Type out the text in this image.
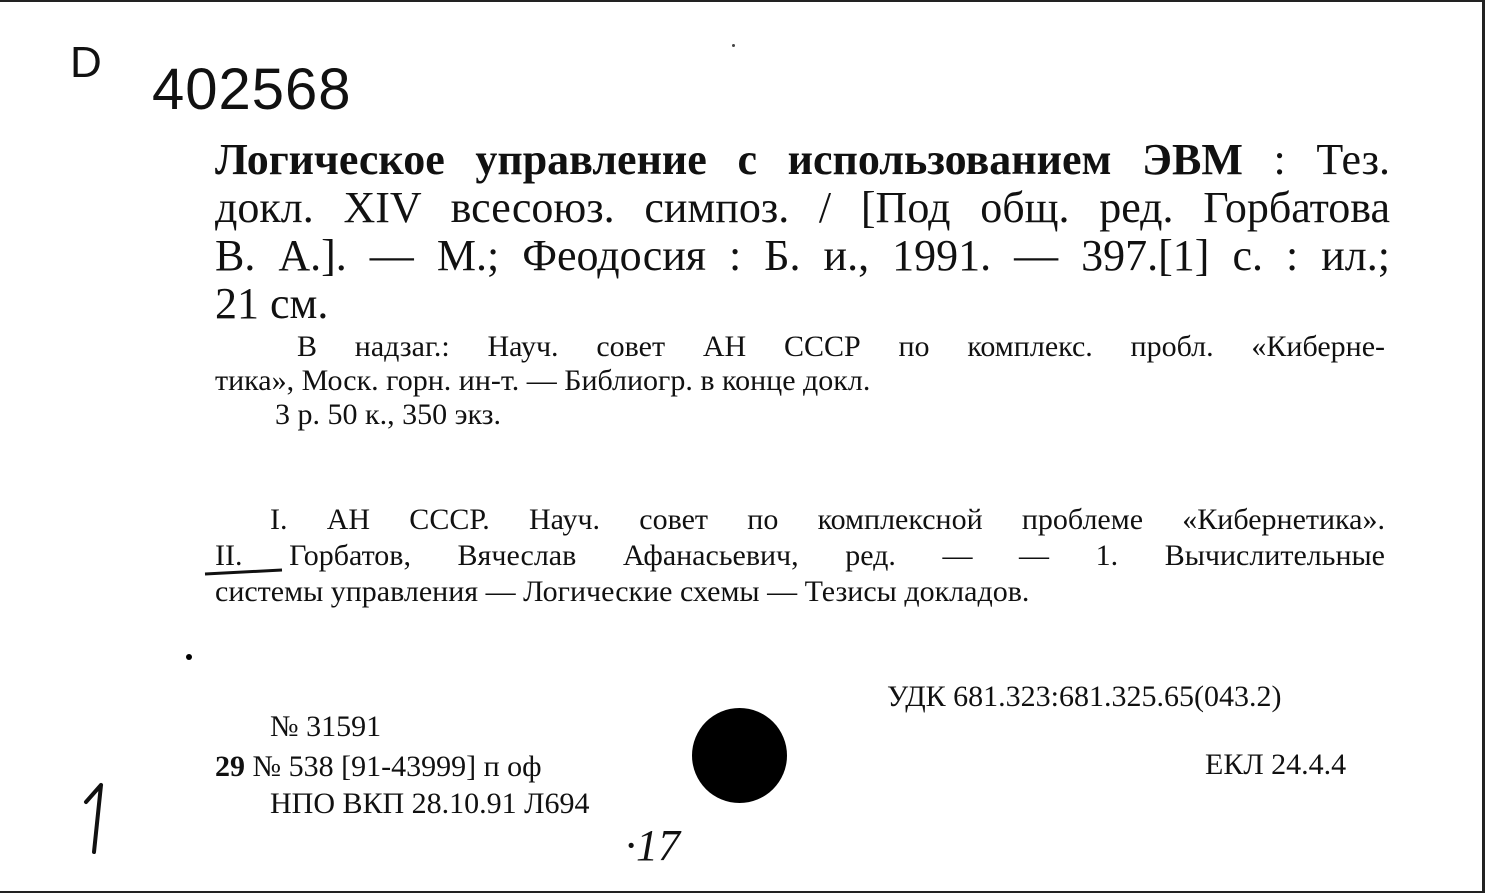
D 402568
Логическое управление с использованием ЭВМ : Тез.
докл. XIV всесоюз. симпоз. / [Под общ. ред. Горбатова
В. А.]. — М.; Феодосия : Б. и., 1991. — 397.[1] с. : ил.;
21 см.
В надзаг.: Науч. совет АН СССР по комплекс. пробл. «Киберне-
тика», Моск. горн. ин-т. — Библиогр. в конце докл.
3 р. 50 к., 350 экз.
I. АН СССР. Науч. совет по комплексной проблеме «Кибернетика».
II. Горбатов, Вячеслав Афанасьевич, ред. — — 1. Вычислительные
системы управления — Логические схемы — Тезисы докладов.
УДК 681.323:681.325.65(043.2)
ЕКЛ 24.4.4
№ 31591
29 № 538 [91-43999] п оф
НПО ВКП 28.10.91 Л694
·17
